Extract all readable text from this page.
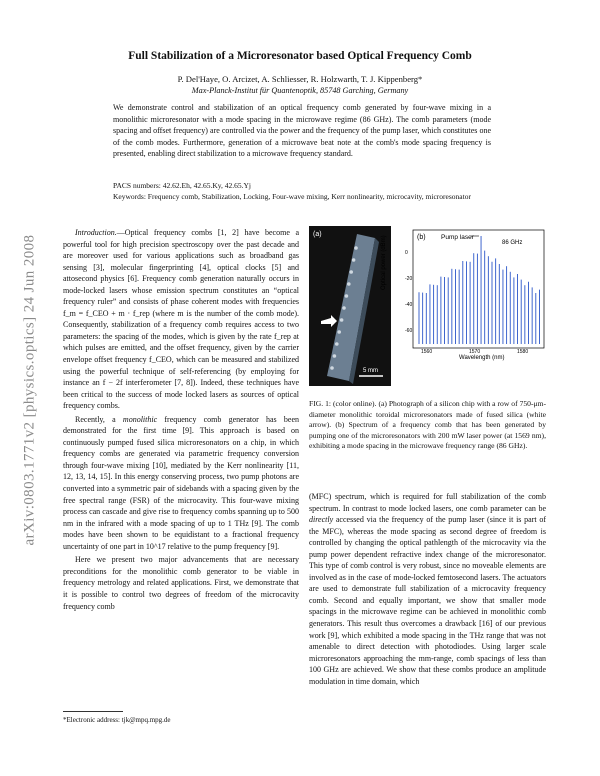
arXiv:0803.1771v2 [physics.optics] 24 Jun 2008
Full Stabilization of a Microresonator based Optical Frequency Comb
P. Del'Haye, O. Arcizet, A. Schliesser, R. Holzwarth, T. J. Kippenberg*
Max-Planck-Institut für Quantenoptik, 85748 Garching, Germany
We demonstrate control and stabilization of an optical frequency comb generated by four-wave mixing in a monolithic microresonator with a mode spacing in the microwave regime (86 GHz). The comb parameters (mode spacing and offset frequency) are controlled via the power and the frequency of the pump laser, which constitutes one of the comb modes. Furthermore, generation of a microwave beat note at the comb's mode spacing frequency is presented, enabling direct stabilization to a microwave frequency standard.
PACS numbers: 42.62.Eh, 42.65.Ky, 42.65.Yj
Keywords: Frequency comb, Stabilization, Locking, Four-wave mixing, Kerr nonlinearity, microcavity, microresonator

Introduction.—Optical frequency combs [1, 2] have become a powerful tool for high precision spectroscopy over the past decade and are moreover used for various applications such as broadband gas sensing [3], molecular fingerprinting [4], optical clocks [5] and attosecond physics [6]. Frequency comb generation naturally occurs in mode-locked lasers whose emission spectrum constitutes an “optical frequency ruler” and consists of phase coherent modes with frequencies f_m = f_CEO + m · f_rep (where m is the number of the comb mode). Consequently, stabilization of a frequency comb requires access to two parameters: the spacing of the modes, which is given by the rate f_rep at which pulses are emitted, and the offset frequency, given by the carrier envelope offset frequency f_CEO, which can be measured and stabilized using the powerful technique of self-referencing (by employing for instance an f − 2f interferometer [7, 8]). Indeed, these techniques have been critical to the success of mode locked lasers as sources of optical frequency combs.

Recently, a monolithic frequency comb generator has been demonstrated for the first time [9]. This approach is based on continuously pumped fused silica microresonators on a chip, in which frequency combs are generated via parametric frequency conversion through four-wave mixing [10], mediated by the Kerr nonlinearity [11, 12, 13, 14, 15]. In this energy conserving process, two pump photons are converted into a symmetric pair of sidebands with a spacing given by the free spectral range (FSR) of the microcavity. This four-wave mixing process can cascade and give rise to frequency combs spanning up to 500 nm in the infrared with a mode spacing of up to 1 THz [9]. The comb modes have been shown to be equidistant to a fractional frequency uncertainty of one part in 10^17 relative to the pump frequency [9].

Here we present two major advancements that are necessary preconditions for the monolithic comb generator to be viable in frequency metrology and related applications. First, we demonstrate that it is possible to control two degrees of freedom of the microcavity frequency comb

5 mm
(a)
Optical power (dBm)
Wavelength (nm)
(b) Pump laser
86 GHz
0
-20
-40
-60
1560	1570	1580
FIG. 1: (color online). (a) Photograph of a silicon chip with a row of 750-μm-diameter monolithic toroidal microresonators made of fused silica (white arrow). (b) Spectrum of a frequency comb that has been generated by pumping one of the microresonators with 200 mW laser power (at 1569 nm), exhibiting a mode spacing in the microwave frequency range (86 GHz).

(MFC) spectrum, which is required for full stabilization of the comb spectrum. In contrast to mode locked lasers, one comb parameter can be directly accessed via the frequency of the pump laser (since it is part of the MFC), whereas the mode spacing as second degree of freedom is controlled by changing the optical pathlength of the microcavity via the pump power dependent refractive index change of the microresonator. This type of comb control is very robust, since no moveable elements are involved as in the case of mode-locked femtosecond lasers. The actuators are used to demonstrate full stabilization of a microcavity frequency comb. Second and equally important, we show that smaller mode spacings in the microwave regime can be achieved in monolithic comb generators. This result thus overcomes a drawback [16] of our previous work [9], which exhibited a mode spacing in the THz range that was not amenable to direct detection with photodiodes. Using larger scale microresonators approaching the mm-range, comb spacings of less than 100 GHz are achieved. We show that these combs produce an amplitude modulation in time domain, which

*Electronic address: tjk@mpq.mpg.de
